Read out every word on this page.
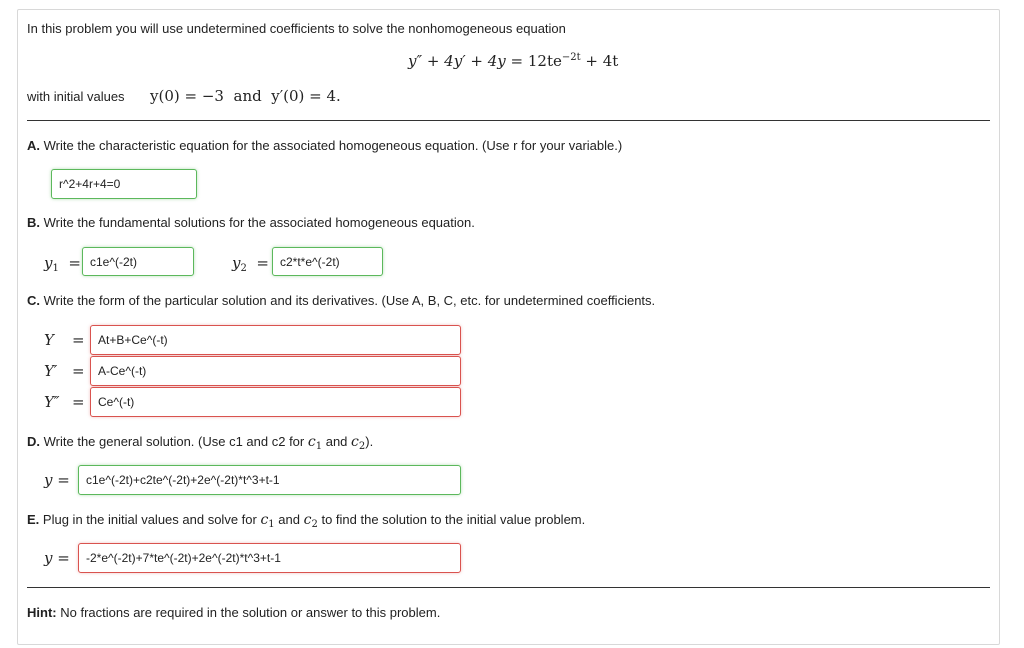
In this problem you will use undetermined coefficients to solve the nonhomogeneous equation
$y'' + 4y' + 4y = 12te^{-2t} + 4t$
with initial values y(0) = −3 and y′(0) = 4.
A. Write the characteristic equation for the associated homogeneous equation. (Use r for your variable.)
r^2+4r+4=0
B. Write the fundamental solutions for the associated homogeneous equation.
$y_1$ =
c1e^(-2t)	$y_2$ =
c2*t*e^(-2t)
C. Write the form of the particular solution and its derivatives. (Use A, B, C, etc. for undetermined coefficients.
Y =
At+B+Ce^(-t)
Y′ =
A-Ce^(-t)
Y″ =
Ce^(-t)
D. Write the general solution. (Use c1 and c2 for $c_1$ and $c_2$).
y =
c1e^(-2t)+c2te^(-2t)+2e^(-2t)*t^3+t-1
E. Plug in the initial values and solve for $c_1$ and $c_2$ to find the solution to the initial value problem.
y =
-2*e^(-2t)+7*te^(-2t)+2e^(-2t)*t^3+t-1
Hint: No fractions are required in the solution or answer to this problem.
